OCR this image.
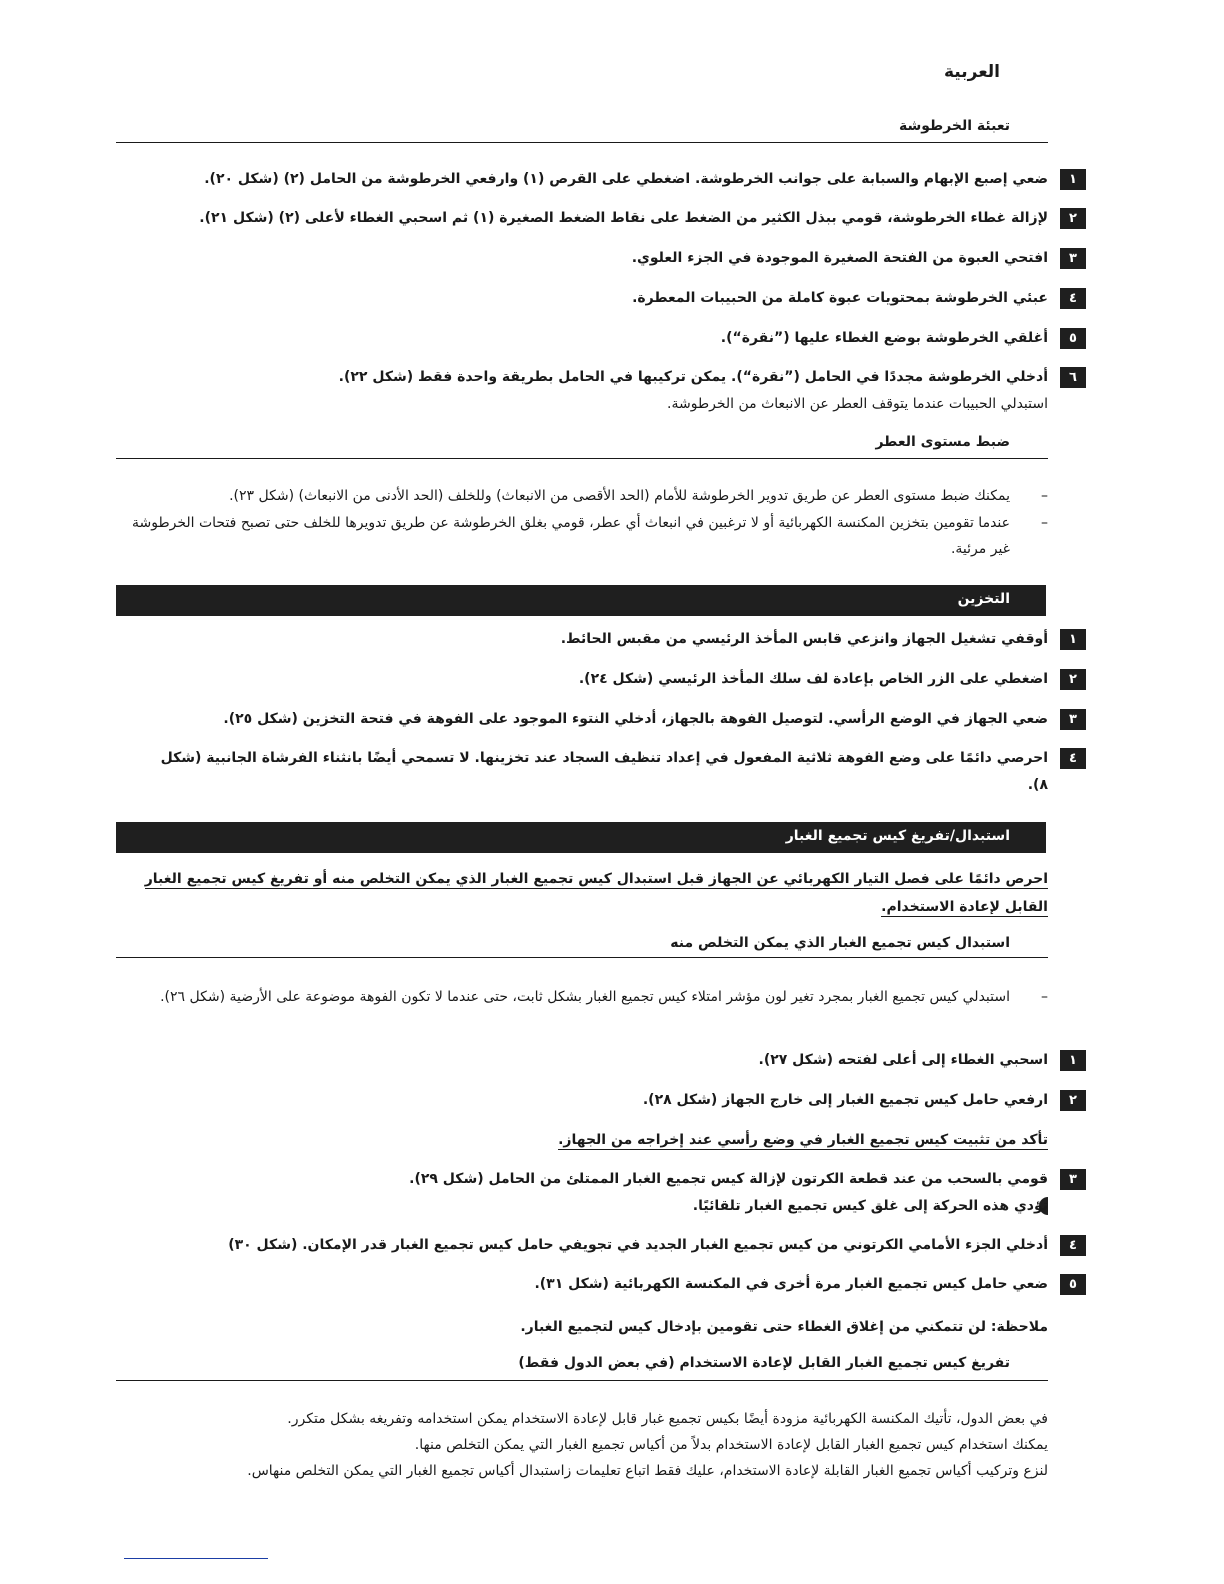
العربية
تعبئة الخرطوشة
١
ضعي إصبع الإبهام والسبابة على جوانب الخرطوشة. اضغطي على القرص (١) وارفعي الخرطوشة من الحامل (٢) (شكل ٢٠).
٢
لإزالة غطاء الخرطوشة، قومي ببذل الكثير من الضغط على نقاط الضغط الصغيرة (١) ثم اسحبي الغطاء لأعلى (٢) (شكل ٢١).
٣
افتحي العبوة من الفتحة الصغيرة الموجودة في الجزء العلوي.
٤
عبئي الخرطوشة بمحتويات عبوة كاملة من الحبيبات المعطرة.
٥
أغلقي الخرطوشة بوضع الغطاء عليها (”نقرة“).
٦
أدخلي الخرطوشة مجددًا في الحامل (”نقرة“). يمكن تركيبها في الحامل بطريقة واحدة فقط (شكل ٢٢).
استبدلي الحبيبات عندما يتوقف العطر عن الانبعاث من الخرطوشة.
ضبط مستوى العطر
–
يمكنك ضبط مستوى العطر عن طريق تدوير الخرطوشة للأمام (الحد الأقصى من الانبعاث) وللخلف (الحد الأدنى من الانبعاث) (شكل ٢٣).
–
عندما تقومين بتخزين المكنسة الكهربائية أو لا ترغبين في انبعاث أي عطر، قومي بغلق الخرطوشة عن طريق تدويرها للخلف حتى تصبح فتحات الخرطوشة غير مرئية.
التخزين
١
أوقفي تشغيل الجهاز وانزعي قابس المأخذ الرئيسي من مقبس الحائط.
٢
اضغطي على الزر الخاص بإعادة لف سلك المأخذ الرئيسي (شكل ٢٤).
٣
ضعي الجهاز في الوضع الرأسي. لتوصيل الفوهة بالجهاز، أدخلي النتوء الموجود على الفوهة في فتحة التخزين (شكل ٢٥).
٤
احرصي دائمًا على وضع الفوهة ثلاثية المفعول في إعداد تنظيف السجاد عند تخزينها. لا تسمحي أيضًا بانثناء الفرشاة الجانبية (شكل ٨).
استبدال/تفريغ كيس تجميع الغبار
احرص دائمًا على فصل التيار الكهربائي عن الجهاز قبل استبدال كيس تجميع الغبار الذي يمكن التخلص منه أو تفريغ كيس تجميع الغبار القابل لإعادة الاستخدام.
استبدال كيس تجميع الغبار الذي يمكن التخلص منه
–
استبدلي كيس تجميع الغبار بمجرد تغير لون مؤشر امتلاء كيس تجميع الغبار بشكل ثابت، حتى عندما لا تكون الفوهة موضوعة على الأرضية (شكل ٢٦).
١
اسحبي الغطاء إلى أعلى لفتحه (شكل ٢٧).
٢
ارفعي حامل كيس تجميع الغبار إلى خارج الجهاز (شكل ٢٨).
تأكد من تثبيت كيس تجميع الغبار في وضع رأسي عند إخراجه من الجهاز.
٣
قومي بالسحب من عند قطعة الكرتون لإزالة كيس تجميع الغبار الممتلئ من الحامل (شكل ٢٩).
تؤدي هذه الحركة إلى غلق كيس تجميع الغبار تلقائيًا.
٤
أدخلي الجزء الأمامي الكرتوني من كيس تجميع الغبار الجديد في تجويفي حامل كيس تجميع الغبار قدر الإمكان. (شكل ٣٠)
٥
ضعي حامل كيس تجميع الغبار مرة أخرى في المكنسة الكهربائية (شكل ٣١).
ملاحظة: لن تتمكني من إغلاق الغطاء حتى تقومين بإدخال كيس لتجميع الغبار.
تفريغ كيس تجميع الغبار القابل لإعادة الاستخدام (في بعض الدول فقط)
في بعض الدول، تأتيك المكنسة الكهربائية مزودة أيضًا بكيس تجميع غبار قابل لإعادة الاستخدام يمكن استخدامه وتفريغه بشكل متكرر.
يمكنك استخدام كيس تجميع الغبار القابل لإعادة الاستخدام بدلاً من أكياس تجميع الغبار التي يمكن التخلص منها.
لنزع وتركيب أكياس تجميع الغبار القابلة لإعادة الاستخدام، عليك فقط اتباع تعليمات زاستبدال أكياس تجميع الغبار التي يمكن التخلص منهاس.
